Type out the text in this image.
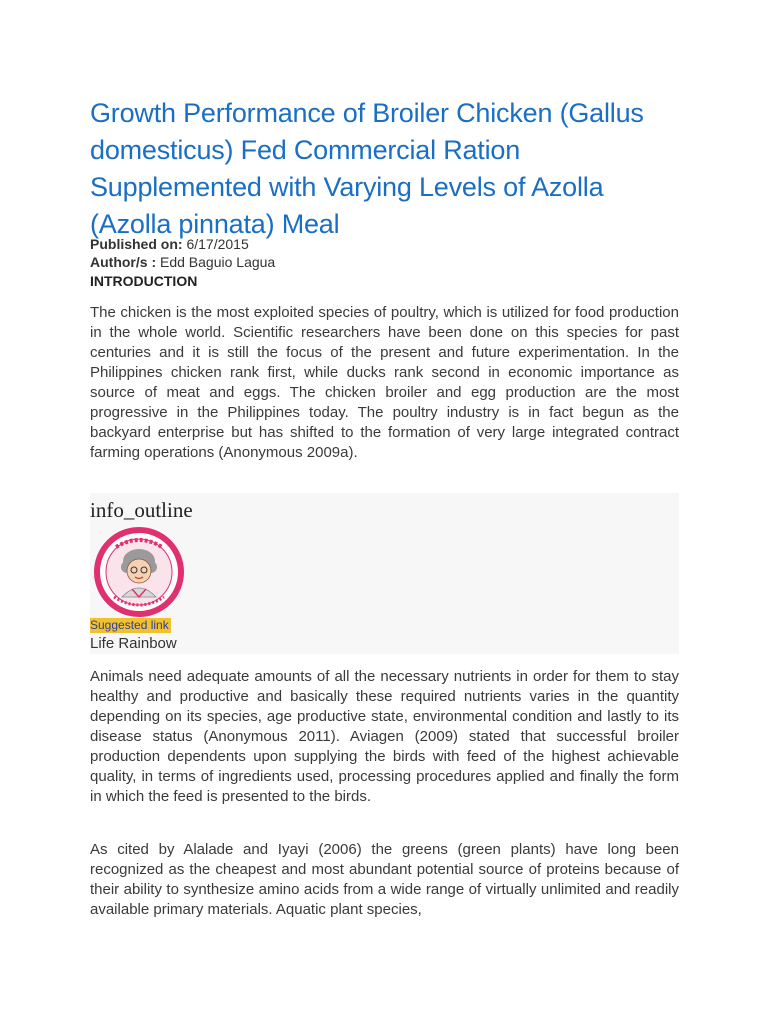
Growth Performance of Broiler Chicken (Gallus domesticus) Fed Commercial Ration Supplemented with Varying Levels of Azolla (Azolla pinnata) Meal
Published on: 6/17/2015
Author/s : Edd Baguio Lagua
INTRODUCTION

The chicken is the most exploited species of poultry, which is utilized for food production in the whole world. Scientific researchers have been done on this species for past centuries and it is still the focus of the present and future experimentation. In the Philippines chicken rank first, while ducks rank second in economic importance as source of meat and eggs. The chicken broiler and egg production are the most progressive in the Philippines today. The poultry industry is in fact begun as the backyard enterprise but has shifted to the formation of very large integrated contract farming operations (Anonymous 2009a).

info_outline
Suggested link
Life Rainbow

Animals need adequate amounts of all the necessary nutrients in order for them to stay healthy and productive and basically these required nutrients varies in the quantity depending on its species, age productive state, environmental condition and lastly to its disease status (Anonymous 2011). Aviagen (2009) stated that successful broiler production dependents upon supplying the birds with feed of the highest achievable quality, in terms of ingredients used, processing procedures applied and finally the form in which the feed is presented to the birds.

As cited by Alalade and Iyayi (2006) the greens (green plants) have long been recognized as the cheapest and most abundant potential source of proteins because of their ability to synthesize amino acids from a wide range of virtually unlimited and readily available primary materials. Aquatic plant species,
